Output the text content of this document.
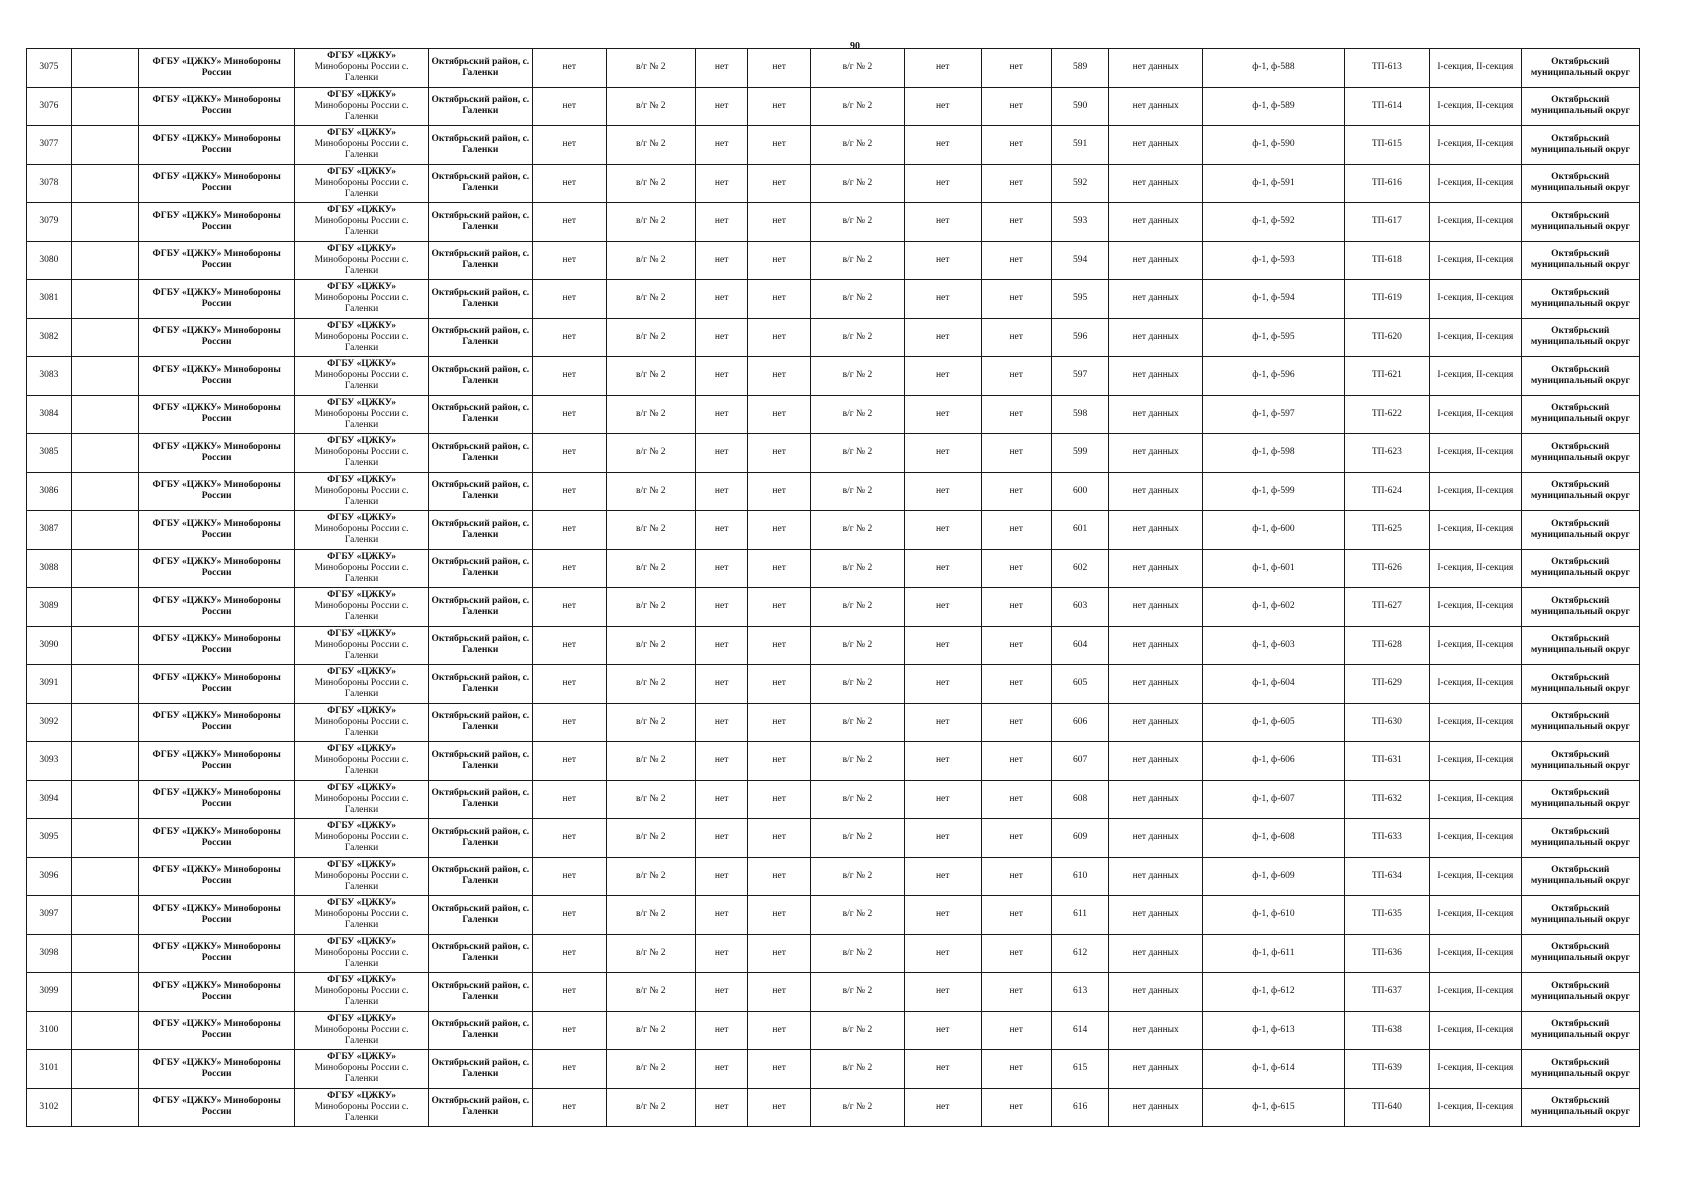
90
3075		ФГБУ «ЦЖКУ» Минобороны России	ФГБУ «ЦЖКУ»
Минобороны России с.
Галенки	Октябрьский район, с. Галенки	нет	в/г № 2	нет	нет	в/г № 2	нет	нет	589	нет данных	ф-1, ф-588	ТП-613	I-секция, II-секция	Октябрьский муниципальный округ
3076		ФГБУ «ЦЖКУ» Минобороны России	ФГБУ «ЦЖКУ»
Минобороны России с.
Галенки	Октябрьский район, с. Галенки	нет	в/г № 2	нет	нет	в/г № 2	нет	нет	590	нет данных	ф-1, ф-589	ТП-614	I-секция, II-секция	Октябрьский муниципальный округ
3077		ФГБУ «ЦЖКУ» Минобороны России	ФГБУ «ЦЖКУ»
Минобороны России с.
Галенки	Октябрьский район, с. Галенки	нет	в/г № 2	нет	нет	в/г № 2	нет	нет	591	нет данных	ф-1, ф-590	ТП-615	I-секция, II-секция	Октябрьский муниципальный округ
3078		ФГБУ «ЦЖКУ» Минобороны России	ФГБУ «ЦЖКУ»
Минобороны России с.
Галенки	Октябрьский район, с. Галенки	нет	в/г № 2	нет	нет	в/г № 2	нет	нет	592	нет данных	ф-1, ф-591	ТП-616	I-секция, II-секция	Октябрьский муниципальный округ
3079		ФГБУ «ЦЖКУ» Минобороны России	ФГБУ «ЦЖКУ»
Минобороны России с.
Галенки	Октябрьский район, с. Галенки	нет	в/г № 2	нет	нет	в/г № 2	нет	нет	593	нет данных	ф-1, ф-592	ТП-617	I-секция, II-секция	Октябрьский муниципальный округ
3080		ФГБУ «ЦЖКУ» Минобороны России	ФГБУ «ЦЖКУ»
Минобороны России с.
Галенки	Октябрьский район, с. Галенки	нет	в/г № 2	нет	нет	в/г № 2	нет	нет	594	нет данных	ф-1, ф-593	ТП-618	I-секция, II-секция	Октябрьский муниципальный округ
3081		ФГБУ «ЦЖКУ» Минобороны России	ФГБУ «ЦЖКУ»
Минобороны России с.
Галенки	Октябрьский район, с. Галенки	нет	в/г № 2	нет	нет	в/г № 2	нет	нет	595	нет данных	ф-1, ф-594	ТП-619	I-секция, II-секция	Октябрьский муниципальный округ
3082		ФГБУ «ЦЖКУ» Минобороны России	ФГБУ «ЦЖКУ»
Минобороны России с.
Галенки	Октябрьский район, с. Галенки	нет	в/г № 2	нет	нет	в/г № 2	нет	нет	596	нет данных	ф-1, ф-595	ТП-620	I-секция, II-секция	Октябрьский муниципальный округ
3083		ФГБУ «ЦЖКУ» Минобороны России	ФГБУ «ЦЖКУ»
Минобороны России с.
Галенки	Октябрьский район, с. Галенки	нет	в/г № 2	нет	нет	в/г № 2	нет	нет	597	нет данных	ф-1, ф-596	ТП-621	I-секция, II-секция	Октябрьский муниципальный округ
3084		ФГБУ «ЦЖКУ» Минобороны России	ФГБУ «ЦЖКУ»
Минобороны России с.
Галенки	Октябрьский район, с. Галенки	нет	в/г № 2	нет	нет	в/г № 2	нет	нет	598	нет данных	ф-1, ф-597	ТП-622	I-секция, II-секция	Октябрьский муниципальный округ
3085		ФГБУ «ЦЖКУ» Минобороны России	ФГБУ «ЦЖКУ»
Минобороны России с.
Галенки	Октябрьский район, с. Галенки	нет	в/г № 2	нет	нет	в/г № 2	нет	нет	599	нет данных	ф-1, ф-598	ТП-623	I-секция, II-секция	Октябрьский муниципальный округ
3086		ФГБУ «ЦЖКУ» Минобороны России	ФГБУ «ЦЖКУ»
Минобороны России с.
Галенки	Октябрьский район, с. Галенки	нет	в/г № 2	нет	нет	в/г № 2	нет	нет	600	нет данных	ф-1, ф-599	ТП-624	I-секция, II-секция	Октябрьский муниципальный округ
3087		ФГБУ «ЦЖКУ» Минобороны России	ФГБУ «ЦЖКУ»
Минобороны России с.
Галенки	Октябрьский район, с. Галенки	нет	в/г № 2	нет	нет	в/г № 2	нет	нет	601	нет данных	ф-1, ф-600	ТП-625	I-секция, II-секция	Октябрьский муниципальный округ
3088		ФГБУ «ЦЖКУ» Минобороны России	ФГБУ «ЦЖКУ»
Минобороны России с.
Галенки	Октябрьский район, с. Галенки	нет	в/г № 2	нет	нет	в/г № 2	нет	нет	602	нет данных	ф-1, ф-601	ТП-626	I-секция, II-секция	Октябрьский муниципальный округ
3089		ФГБУ «ЦЖКУ» Минобороны России	ФГБУ «ЦЖКУ»
Минобороны России с.
Галенки	Октябрьский район, с. Галенки	нет	в/г № 2	нет	нет	в/г № 2	нет	нет	603	нет данных	ф-1, ф-602	ТП-627	I-секция, II-секция	Октябрьский муниципальный округ
3090		ФГБУ «ЦЖКУ» Минобороны России	ФГБУ «ЦЖКУ»
Минобороны России с.
Галенки	Октябрьский район, с. Галенки	нет	в/г № 2	нет	нет	в/г № 2	нет	нет	604	нет данных	ф-1, ф-603	ТП-628	I-секция, II-секция	Октябрьский муниципальный округ
3091		ФГБУ «ЦЖКУ» Минобороны России	ФГБУ «ЦЖКУ»
Минобороны России с.
Галенки	Октябрьский район, с. Галенки	нет	в/г № 2	нет	нет	в/г № 2	нет	нет	605	нет данных	ф-1, ф-604	ТП-629	I-секция, II-секция	Октябрьский муниципальный округ
3092		ФГБУ «ЦЖКУ» Минобороны России	ФГБУ «ЦЖКУ»
Минобороны России с.
Галенки	Октябрьский район, с. Галенки	нет	в/г № 2	нет	нет	в/г № 2	нет	нет	606	нет данных	ф-1, ф-605	ТП-630	I-секция, II-секция	Октябрьский муниципальный округ
3093		ФГБУ «ЦЖКУ» Минобороны России	ФГБУ «ЦЖКУ»
Минобороны России с.
Галенки	Октябрьский район, с. Галенки	нет	в/г № 2	нет	нет	в/г № 2	нет	нет	607	нет данных	ф-1, ф-606	ТП-631	I-секция, II-секция	Октябрьский муниципальный округ
3094		ФГБУ «ЦЖКУ» Минобороны России	ФГБУ «ЦЖКУ»
Минобороны России с.
Галенки	Октябрьский район, с. Галенки	нет	в/г № 2	нет	нет	в/г № 2	нет	нет	608	нет данных	ф-1, ф-607	ТП-632	I-секция, II-секция	Октябрьский муниципальный округ
3095		ФГБУ «ЦЖКУ» Минобороны России	ФГБУ «ЦЖКУ»
Минобороны России с.
Галенки	Октябрьский район, с. Галенки	нет	в/г № 2	нет	нет	в/г № 2	нет	нет	609	нет данных	ф-1, ф-608	ТП-633	I-секция, II-секция	Октябрьский муниципальный округ
3096		ФГБУ «ЦЖКУ» Минобороны России	ФГБУ «ЦЖКУ»
Минобороны России с.
Галенки	Октябрьский район, с. Галенки	нет	в/г № 2	нет	нет	в/г № 2	нет	нет	610	нет данных	ф-1, ф-609	ТП-634	I-секция, II-секция	Октябрьский муниципальный округ
3097		ФГБУ «ЦЖКУ» Минобороны России	ФГБУ «ЦЖКУ»
Минобороны России с.
Галенки	Октябрьский район, с. Галенки	нет	в/г № 2	нет	нет	в/г № 2	нет	нет	611	нет данных	ф-1, ф-610	ТП-635	I-секция, II-секция	Октябрьский муниципальный округ
3098		ФГБУ «ЦЖКУ» Минобороны России	ФГБУ «ЦЖКУ»
Минобороны России с.
Галенки	Октябрьский район, с. Галенки	нет	в/г № 2	нет	нет	в/г № 2	нет	нет	612	нет данных	ф-1, ф-611	ТП-636	I-секция, II-секция	Октябрьский муниципальный округ
3099		ФГБУ «ЦЖКУ» Минобороны России	ФГБУ «ЦЖКУ»
Минобороны России с.
Галенки	Октябрьский район, с. Галенки	нет	в/г № 2	нет	нет	в/г № 2	нет	нет	613	нет данных	ф-1, ф-612	ТП-637	I-секция, II-секция	Октябрьский муниципальный округ
3100		ФГБУ «ЦЖКУ» Минобороны России	ФГБУ «ЦЖКУ»
Минобороны России с.
Галенки	Октябрьский район, с. Галенки	нет	в/г № 2	нет	нет	в/г № 2	нет	нет	614	нет данных	ф-1, ф-613	ТП-638	I-секция, II-секция	Октябрьский муниципальный округ
3101		ФГБУ «ЦЖКУ» Минобороны России	ФГБУ «ЦЖКУ»
Минобороны России с.
Галенки	Октябрьский район, с. Галенки	нет	в/г № 2	нет	нет	в/г № 2	нет	нет	615	нет данных	ф-1, ф-614	ТП-639	I-секция, II-секция	Октябрьский муниципальный округ
3102		ФГБУ «ЦЖКУ» Минобороны России	ФГБУ «ЦЖКУ»
Минобороны России с.
Галенки	Октябрьский район, с. Галенки	нет	в/г № 2	нет	нет	в/г № 2	нет	нет	616	нет данных	ф-1, ф-615	ТП-640	I-секция, II-секция	Октябрьский муниципальный округ
